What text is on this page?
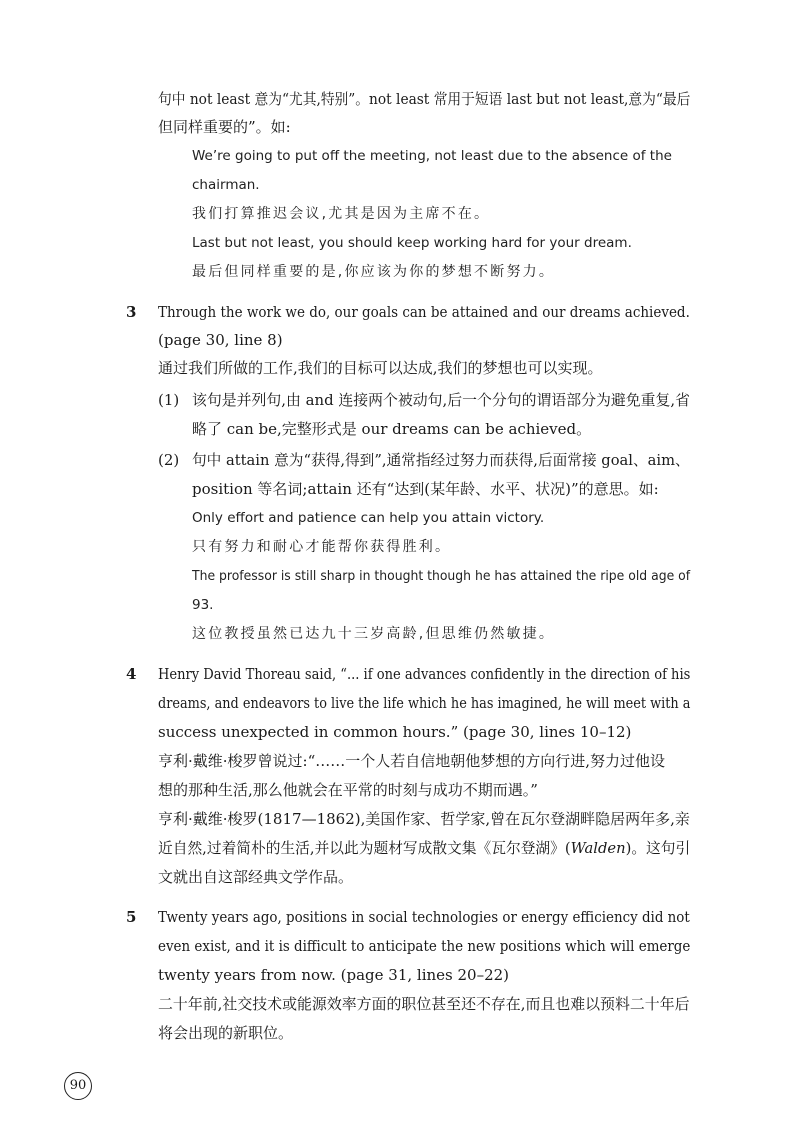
句中 not least 意为“尤其,特别”。not least 常用于短语 last but not least,意为“最后
但同样重要的”。如:
We’re going to put off the meeting, not least due to the absence of the
chairman.
我们打算推迟会议,尤其是因为主席不在。
Last but not least, you should keep working hard for your dream.
最后但同样重要的是,你应该为你的梦想不断努力。
3 Through the work we do, our goals can be attained and our dreams achieved.
(page 30, line 8)
通过我们所做的工作,我们的目标可以达成,我们的梦想也可以实现。
(1) 该句是并列句,由 and 连接两个被动句,后一个分句的谓语部分为避免重复,省
略了 can be,完整形式是 our dreams can be achieved。
(2) 句中 attain 意为“获得,得到”,通常指经过努力而获得,后面常接 goal、aim、
position 等名词;attain 还有“达到(某年龄、水平、状况)”的意思。如:
Only effort and patience can help you attain victory.
只有努力和耐心才能帮你获得胜利。
The professor is still sharp in thought though he has attained the ripe old age of
93.
这位教授虽然已达九十三岁高龄,但思维仍然敏捷。
4 Henry David Thoreau said, “... if one advances confidently in the direction of his
dreams, and endeavors to live the life which he has imagined, he will meet with a
success unexpected in common hours.” (page 30, lines 10–12)
亨利·戴维·梭罗曾说过:“……一个人若自信地朝他梦想的方向行进,努力过他设
想的那种生活,那么他就会在平常的时刻与成功不期而遇。”
亨利·戴维·梭罗(1817—1862),美国作家、哲学家,曾在瓦尔登湖畔隐居两年多,亲
近自然,过着简朴的生活,并以此为题材写成散文集《瓦尔登湖》(Walden)。这句引
文就出自这部经典文学作品。
5 Twenty years ago, positions in social technologies or energy efficiency did not
even exist, and it is difficult to anticipate the new positions which will emerge
twenty years from now. (page 31, lines 20–22)
二十年前,社交技术或能源效率方面的职位甚至还不存在,而且也难以预料二十年后
将会出现的新职位。
90
